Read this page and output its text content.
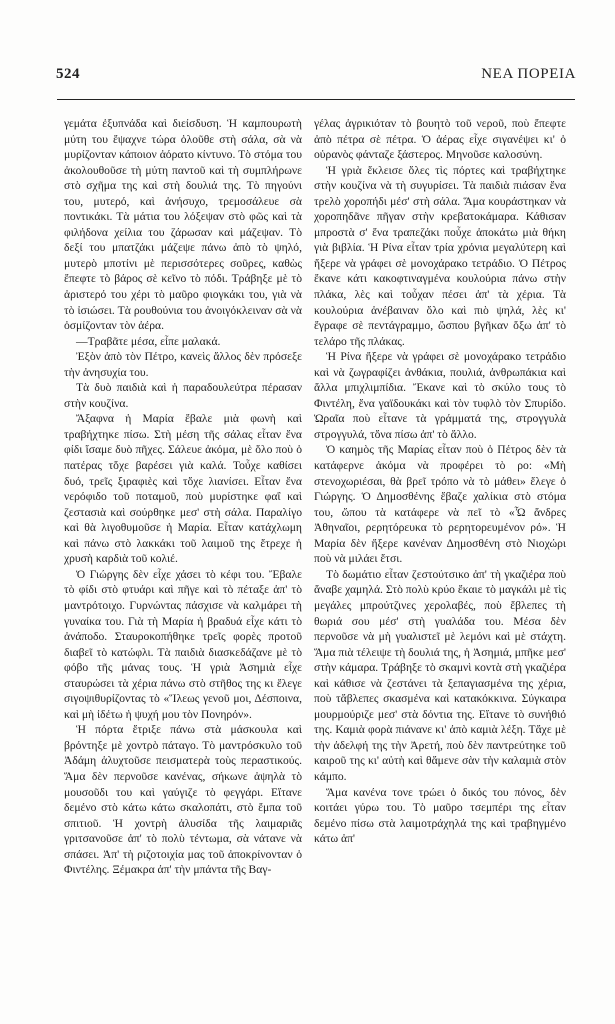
524	ΝΕΑ ΠΟΡΕΙΑ

γεμάτα ἐξυπνάδα καὶ διείσδυση. Ἡ καμπουρωτὴ μύτη του ἔψαχνε τώρα ὁλοῦθε στὴ σάλα, σὰ νὰ μυρίζονταν κάποιον ἀόρατο κίντυνο. Τὸ στόμα του ἀκολουθοῦσε τὴ μύτη παντοῦ καὶ τὴ συμπλήρωνε στὸ σχῆμα της καὶ στὴ δουλιά της. Τὸ πηγούνι του, μυτερό, καὶ ἀνήσυχο, τρεμοσάλευε σὰ ποντικάκι. Τὰ μάτια του λόξεψαν στὸ φῶς καὶ τὰ φιλήδονα χείλια του ζάρωσαν καὶ μάζεψαν. Τὸ δεξί του μπατζάκι μάζεψε πάνω ἀπὸ τὸ ψηλό, μυτερὸ μποτίνι μὲ περισσότερες σοῦρες, καθὼς ἔπεφτε τὸ βάρος σὲ κεῖνο τὸ πόδι. Τράβηξε μὲ τὸ ἀριστερό του χέρι τὸ μαῦρο φιογκάκι του, γιὰ νὰ τὸ ἰσιώσει. Τὰ ρουθούνια του ἀνοιγόκλειναν σὰ νὰ ὀσμίζονταν τὸν ἀέρα.

—Τραβᾶτε μέσα, εἶπε μαλακά.

Ἐξὸν ἀπὸ τὸν Πέτρο, κανεὶς ἄλλος δὲν πρόσεξε τὴν ἀνησυχία του.

Τὰ δυὸ παιδιὰ καὶ ἡ παραδουλεύτρα πέρασαν στὴν κουζίνα.

Ἄξαφνα ἡ Μαρία ἔβαλε μιὰ φωνὴ καὶ τραβήχτηκε πίσω. Στὴ μέση τῆς σάλας εἶταν ἕνα φίδι ἴσαμε δυὸ πῆχες. Σάλευε ἀκόμα, μὲ ὅλο ποὺ ὁ πατέρας τὄχε βαρέσει γιὰ καλά. Τοὖχε καθίσει δυό, τρεῖς ξιραφιὲς καὶ τὄχε λιανίσει. Εἶταν ἕνα νερόφιδο τοῦ ποταμοῦ, ποὺ μυρίστηκε φαΐ καὶ ζεστασιὰ καὶ σούρθηκε μεσ' στὴ σάλα. Παραλίγο καὶ θὰ λιγοθυμοῦσε ἡ Μαρία. Εἶταν κατάχλωμη καὶ πάνω στὸ λακκάκι τοῦ λαιμοῦ της ἔτρεχε ἡ χρυσὴ καρδιὰ τοῦ κολιέ.

Ὁ Γιώργης δὲν εἶχε χάσει τὸ κέφι του. Ἔβαλε τὸ φίδι στὸ φτυάρι καὶ πῆγε καὶ τὸ πέταξε ἀπ' τὸ μαντρότοιχο. Γυρνώντας πάσχισε νὰ καλμάρει τὴ γυναίκα του. Γιὰ τὴ Μαρία ἡ βραδυά εἶχε κάτι τὸ ἀνάποδο. Σταυροκοπήθηκε τρεῖς φορὲς προτοῦ διαβεῖ τὸ κατώφλι. Τὰ παιδιὰ διασκεδάζανε μὲ τὸ φόβο τῆς μάνας τους. Ἡ γριὰ Ἀσημιὰ εἶχε σταυρώσει τὰ χέρια πάνω στὸ στῆθος της κι ἔλεγε σιγοψιθυρίζοντας τὸ «Ἵλεως γενοῦ μοι, Δέσποινα, καὶ μὴ ἰδέτω ἡ ψυχή μου τὸν Πονηρόν».

Ἡ πόρτα ἔτριξε πάνω στὰ μάσκουλα καὶ βρόντηξε μὲ χοντρὸ πάταγο. Τὸ μαντρόσκυλο τοῦ Ἀδάμη ἀλυχτοῦσε πεισματερὰ τοὺς περαστικούς. Ἅμα δὲν περνοῦσε κανένας, σήκωνε ἀψηλὰ τὸ μουσοῦδι του καὶ γαύγιζε τὸ φεγγάρι. Εἴτανε δεμένο στὸ κάτω κάτω σκαλοπάτι, στὸ ἔμπα τοῦ σπιτιοῦ. Ἡ χοντρὴ ἀλυσίδα τῆς λαιμαριᾶς γριτσανοῦσε ἀπ' τὸ πολὺ τέντωμα, σὰ νάτανε νὰ σπάσει. Ἀπ' τὴ ριζοτοιχία μας τοῦ ἀποκρίνονταν ὁ Φιντέλης. Ξέμακρα ἀπ' τὴν μπάντα τῆς Βαγ-

γέλας ἀγρικιόταν τὸ βουητὸ τοῦ νεροῦ, ποὺ ἔπεφτε ἀπὸ πέτρα σὲ πέτρα. Ὁ ἀέρας εἶχε σιγανέψει κι' ὁ οὐρανὸς φάνταζε ξάστερος. Μηνοῦσε καλοσύνη.

Ἡ γριὰ ἔκλεισε ὅλες τὶς πόρτες καὶ τραβήχτηκε στὴν κουζίνα νὰ τὴ συγυρίσει. Τὰ παιδιὰ πιάσαν ἕνα τρελὸ χοροπήδι μέσ' στὴ σάλα. Ἅμα κουράστηκαν νὰ χοροπηδᾶνε πῆγαν στὴν κρεβατοκάμαρα. Κάθισαν μπροστὰ σ' ἕνα τραπεζάκι ποὖχε ἀποκάτω μιὰ θήκη γιὰ βιβλία. Ἡ Ρίνα εἶταν τρία χρόνια μεγαλύτερη καὶ ἤξερε νὰ γράφει σὲ μονοχάρακο τετράδιο. Ὁ Πέτρος ἔκανε κάτι κακοφτιναγμένα κουλούρια πάνω στὴν πλάκα, λὲς καὶ τοὖχαν πέσει ἀπ' τὰ χέρια. Τὰ κουλούρια ἀνέβαιναν ὅλο καὶ πιὸ ψηλά, λὲς κι' ἔγραφε σὲ πεντάγραμμο, ὥσπου βγῆκαν ὄξω ἀπ' τὸ τελάρο τῆς πλάκας.

Ἡ Ρίνα ἤξερε νὰ γράφει σὲ μονοχάρακο τετράδιο καὶ νὰ ζωγραφίζει ἀνθάκια, πουλιά, ἀνθρωπάκια καὶ ἄλλα μπιχλιμπίδια. Ἔκανε καὶ τὸ σκύλο τους τὸ Φιντέλη, ἕνα γαϊδουκάκι καὶ τὸν τυφλὸ τὸν Σπυρίδο. Ὡραῖα ποὺ εἶτανε τὰ γράμματά της, στρογγυλὰ στρογγυλά, τὄνα πίσω ἀπ' τὸ ἄλλο.

Ὁ καημὸς τῆς Μαρίας εἶταν ποὺ ὁ Πέτρος δὲν τὰ κατάφερνε ἀκόμα νὰ προφέρει τὸ ρο: «Μὴ στενοχωριέσαι, θὰ βρεῖ τρόπο νὰ τὸ μάθει» ἔλεγε ὁ Γιώργης. Ὁ Δημοσθένης ἔβαζε χαλίκια στὸ στόμα του, ὥπου τὰ κατάφερε νὰ πεῖ τὸ «Ὦ ἄνδρες Ἀθηναῖοι, ρερητόρευκα τὸ ρερητορευμένον ρό». Ἡ Μαρία δὲν ἤξερε κανέναν Δημοσθένη στὸ Νιοχώρι ποὺ νὰ μιλάει ἔτσι.

Τὸ δωμάτιο εἶταν ζεστούτσικο ἀπ' τὴ γκαζιέρα ποὺ ἄναβε χαμηλά. Στὸ πολὺ κρύο ἔκαιε τὸ μαγκάλι μὲ τὶς μεγάλες μπρούτζινες χερολαβές, ποὺ ἔβλεπες τὴ θωριά σου μέσ' στὴ γυαλάδα του. Μέσα δὲν περνοῦσε νὰ μὴ γυαλιστεῖ μὲ λεμόνι καὶ μὲ στάχτη. Ἅμα πιὰ τέλειψε τὴ δουλιά της, ἡ Ἀσημιά, μπῆκε μεσ' στὴν κάμαρα. Τράβηξε τὸ σκαμνὶ κοντὰ στὴ γκαζιέρα καὶ κάθισε νὰ ζεστάνει τὰ ξεπαγιασμένα της χέρια, ποὺ τἄβλεπες σκασμένα καὶ κατακόκκινα. Σύγκαιρα μουρμούριζε μεσ' στὰ δόντια της. Εἴτανε τὸ συνήθιό της. Καμιὰ φορὰ πιάνανε κι' ἀπὸ καμιὰ λέξη. Τἄχε μὲ τὴν ἀδελφή της τὴν Ἀρετή, ποὺ δὲν παντρεύτηκε τοῦ καιροῦ της κι' αὐτὴ καὶ θἄμενε σὰν τὴν καλαμιὰ στὸν κάμπο.

Ἅμα κανένα τονε τρώει ὁ δικός του πόνος, δὲν κοιτάει γύρω του. Τὸ μαῦρο τσεμπέρι της εἶταν δεμένο πίσω στὰ λαιμοτράχηλά της καὶ τραβηγμένο κάτω ἀπ'
